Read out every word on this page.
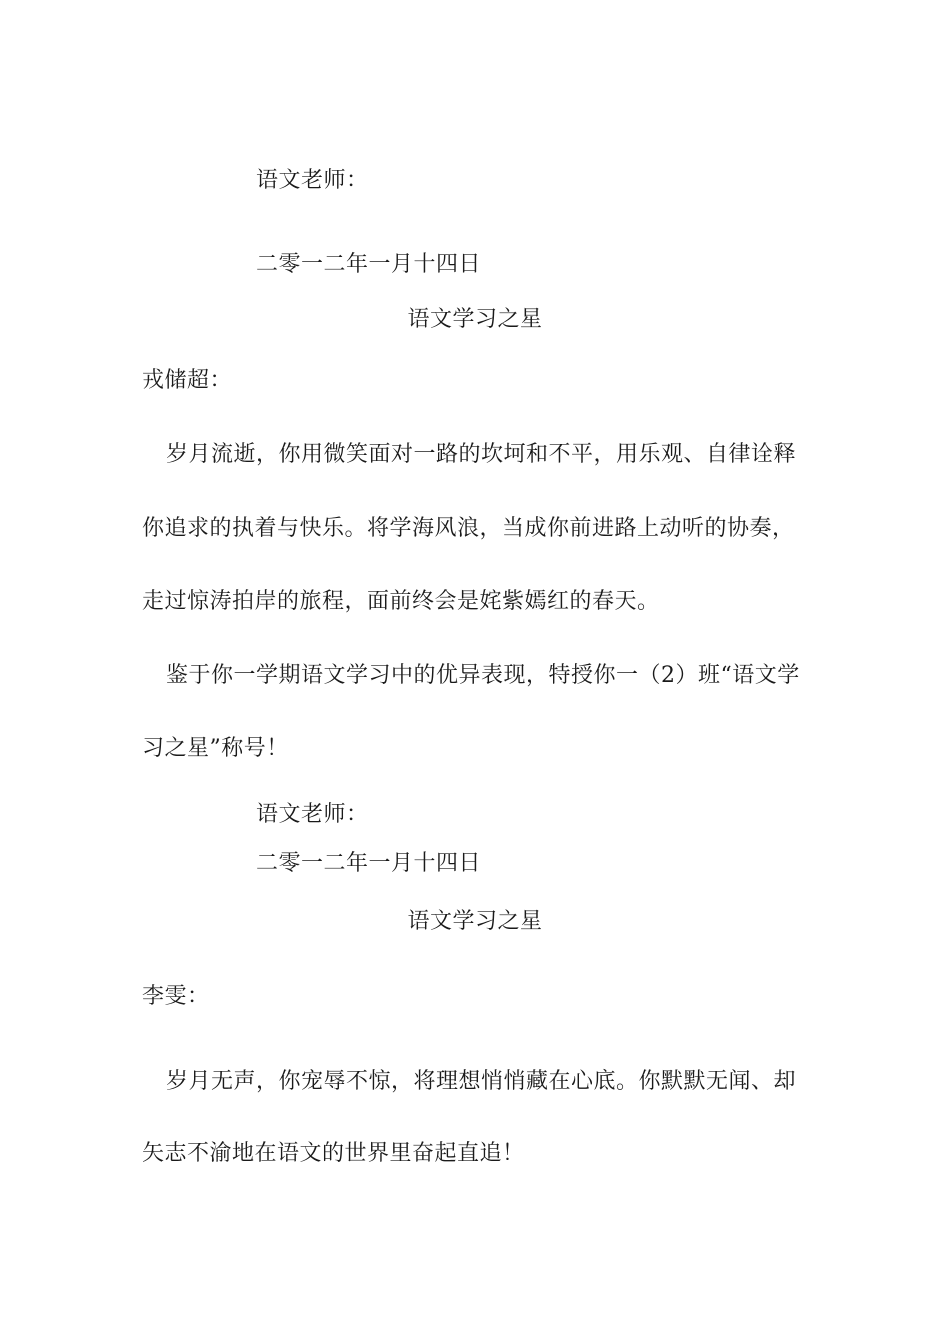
语文老师：
二零一二年一月十四日
语文学习之星
戎储超：
岁月流逝，你用微笑面对一路的坎坷和不平，用乐观、自律诠释
你追求的执着与快乐。将学海风浪，当成你前进路上动听的协奏，
走过惊涛拍岸的旅程，面前终会是姹紫嫣红的春天。
鉴于你一学期语文学习中的优异表现，特授你一（2）班“语文学
习之星”称号！
语文老师：
二零一二年一月十四日
语文学习之星
李雯：
岁月无声，你宠辱不惊，将理想悄悄藏在心底。你默默无闻、却
矢志不渝地在语文的世界里奋起直追！
